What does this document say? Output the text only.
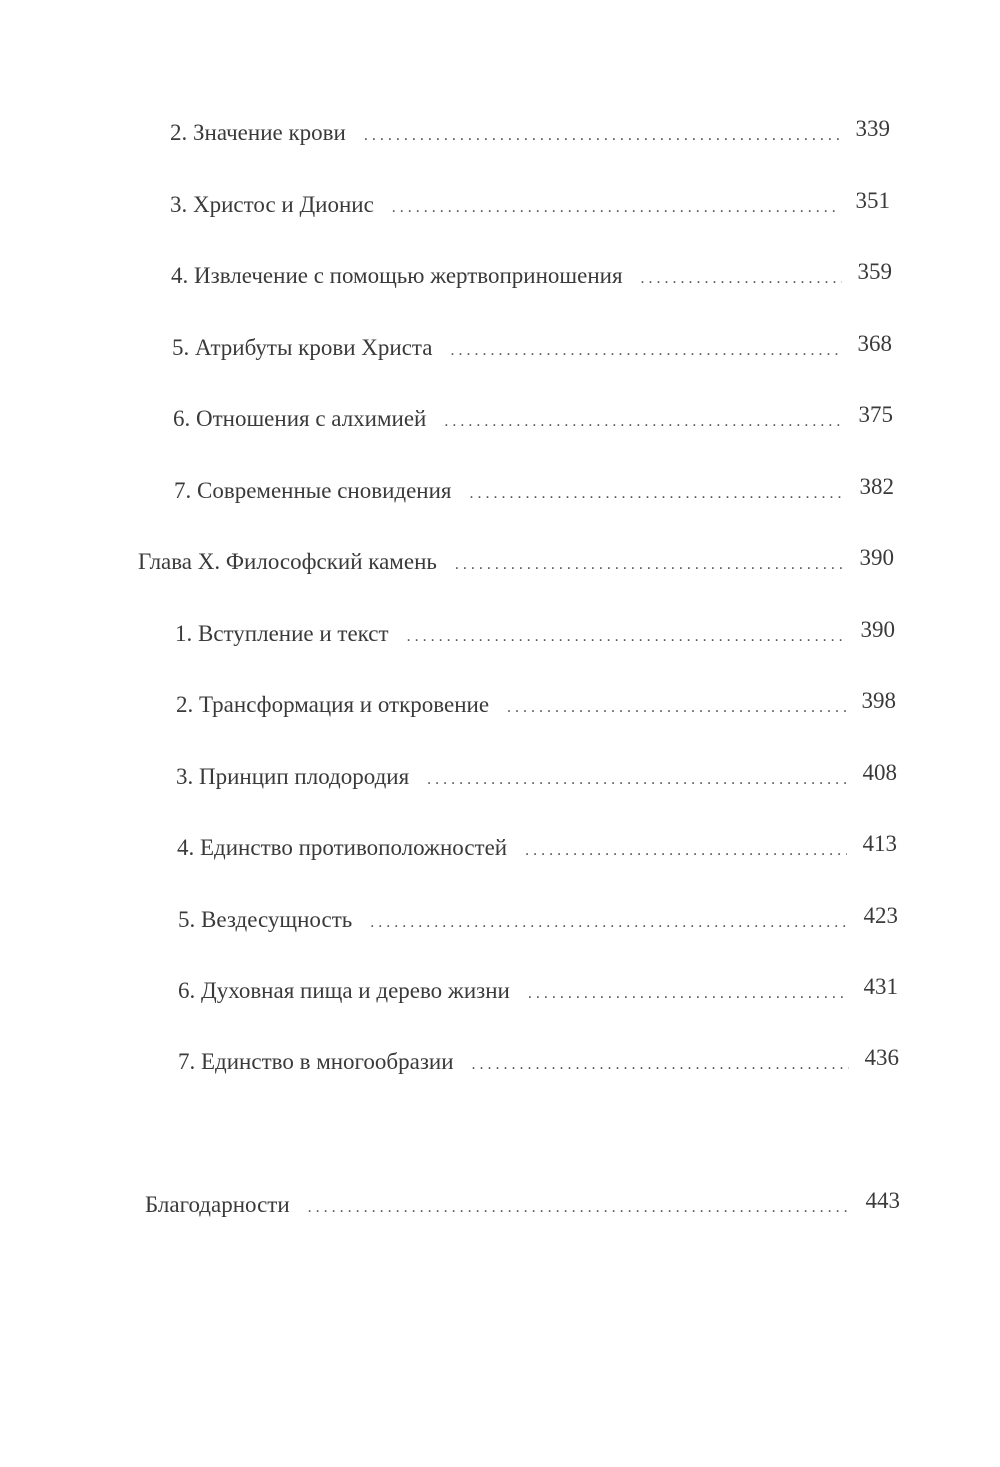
2. Значение крови . . .	339
3. Христос и Дионис . . .	351
4. Извлечение с помощью жертвоприношения . . .	359
5. Атрибуты крови Христа . . .	368
6. Отношения с алхимией . . .	375
7. Современные сновидения . . .	382
Глава X. Философский камень . . .	390
1. Вступление и текст . . .	390
2. Трансформация и откровение . . .	398
3. Принцип плодородия . . .	408
4. Единство противоположностей . . .	413
5. Вездесущность . . .	423
6. Духовная пища и дерево жизни . . .	431
7. Единство в многообразии . . .	436
Благодарности . . .	443
